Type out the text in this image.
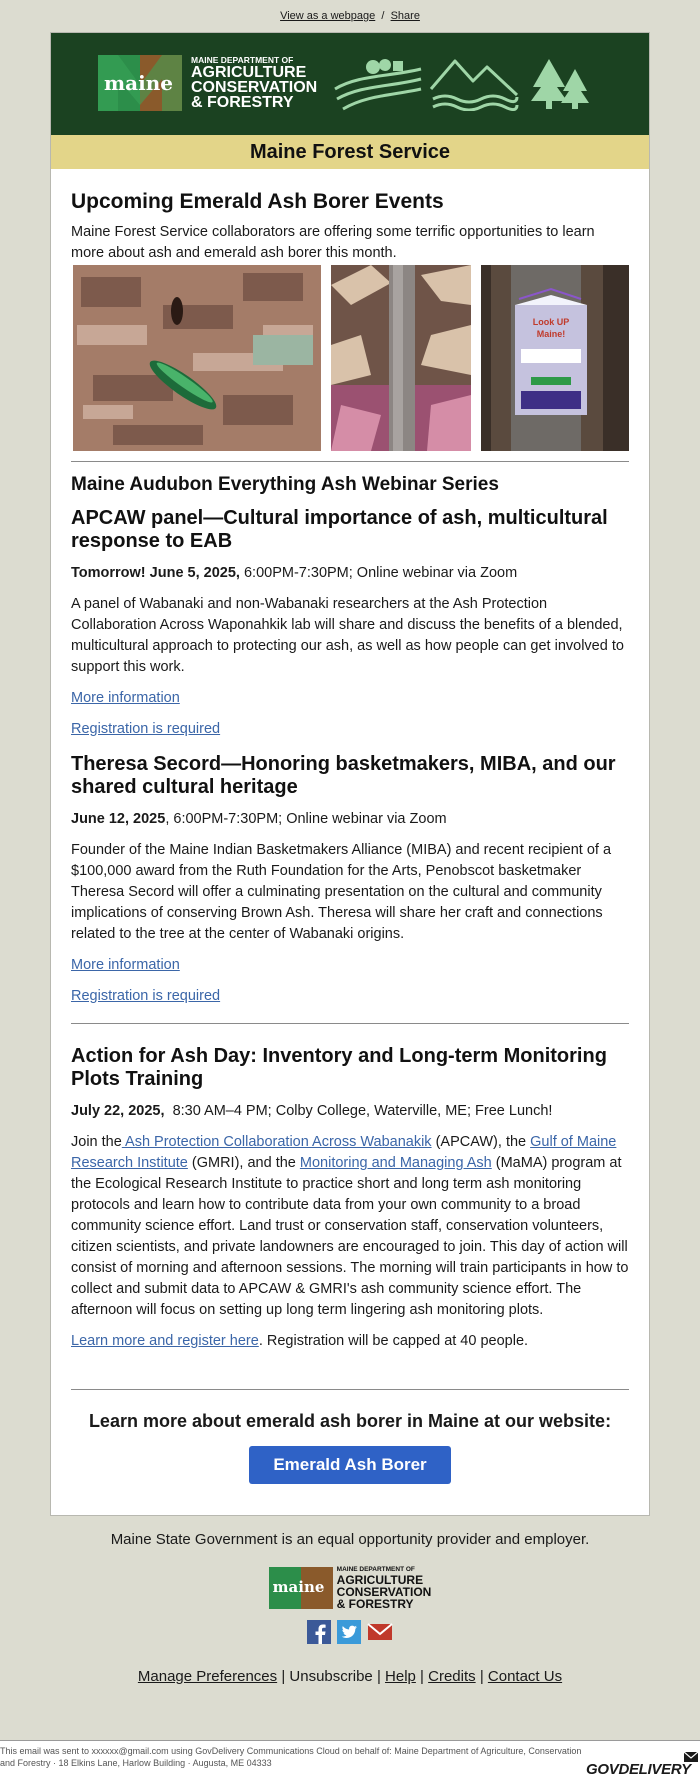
View as a webpage / Share
maine
MAINE DEPARTMENT OF
AGRICULTURE
CONSERVATION
& FORESTRY
Maine Forest Service
Upcoming Emerald Ash Borer Events

Maine Forest Service collaborators are offering some terrific opportunities to learn more about ash and emerald ash borer this month.

Look UP
Maine!
Maine Audubon Everything Ash Webinar Series
APCAW panel—Cultural importance of ash, multicultural response to EAB

Tomorrow! June 5, 2025, 6:00PM-7:30PM; Online webinar via Zoom

A panel of Wabanaki and non-Wabanaki researchers at the Ash Protection Collaboration Across Waponahkik lab will share and discuss the benefits of a blended, multicultural approach to protecting our ash, as well as how people can get involved to support this work.

More information

Registration is required

Theresa Secord—Honoring basketmakers, MIBA, and our shared cultural heritage

June 12, 2025, 6:00PM-7:30PM; Online webinar via Zoom

Founder of the Maine Indian Basketmakers Alliance (MIBA) and recent recipient of a $100,000 award from the Ruth Foundation for the Arts, Penobscot basketmaker Theresa Secord will offer a culminating presentation on the cultural and community implications of conserving Brown Ash. Theresa will share her craft and connections related to the tree at the center of Wabanaki origins.

More information

Registration is required

Action for Ash Day: Inventory and Long-term Monitoring Plots Training

July 22, 2025,  8:30 AM–4 PM; Colby College, Waterville, ME; Free Lunch!

Join the Ash Protection Collaboration Across Wabanakik (APCAW), the Gulf of Maine Research Institute (GMRI), and the Monitoring and Managing Ash (MaMA) program at the Ecological Research Institute to practice short and long term ash monitoring protocols and learn how to contribute data from your own community to a broad community science effort. Land trust or conservation staff, conservation volunteers, citizen scientists, and private landowners are encouraged to join. This day of action will consist of morning and afternoon sessions. The morning will train participants in how to collect and submit data to APCAW & GMRI's ash community science effort. The afternoon will focus on setting up long term lingering ash monitoring plots.

Learn more and register here. Registration will be capped at 40 people.

Learn more about emerald ash borer in Maine at our website:
Emerald Ash Borer
Maine State Government is an equal opportunity provider and employer.
maine
MAINE DEPARTMENT OF
AGRICULTURE
CONSERVATION
& FORESTRY

Manage Preferences | Unsubscribe | Help | Credits | Contact Us
This email was sent to xxxxxx@gmail.com using GovDelivery Communications Cloud on behalf of: Maine Department of Agriculture, Conservation and Forestry · 18 Elkins Lane, Harlow Building · Augusta, ME 04333	GOVDELIVERY
